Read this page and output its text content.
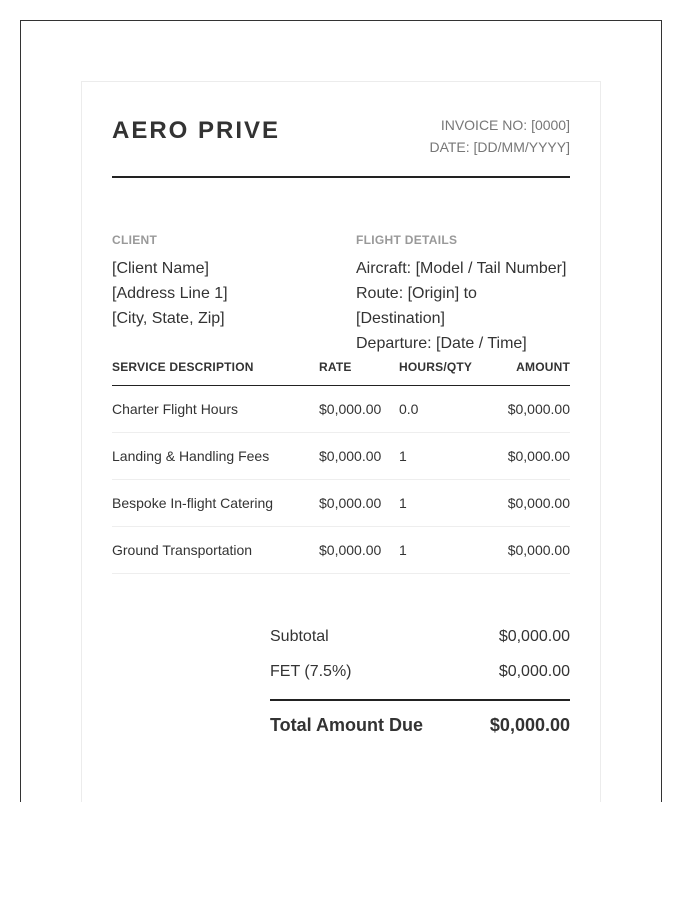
AERO PRIVE	INVOICE NO: [0000]
DATE: [DD/MM/YYYY]
CLIENT
[Client Name]
[Address Line 1]
[City, State, Zip]
FLIGHT DETAILS
Aircraft: [Model / Tail Number]
Route: [Origin] to [Destination]
Departure: [Date / Time]
SERVICE DESCRIPTION	RATE	HOURS/QTY	AMOUNT
Charter Flight Hours	$0,000.00	0.0	$0,000.00
Landing & Handling Fees	$0,000.00	1	$0,000.00
Bespoke In-flight Catering	$0,000.00	1	$0,000.00
Ground Transportation	$0,000.00	1	$0,000.00
Subtotal	$0,000.00
FET (7.5%)	$0,000.00
Total Amount Due	$0,000.00
